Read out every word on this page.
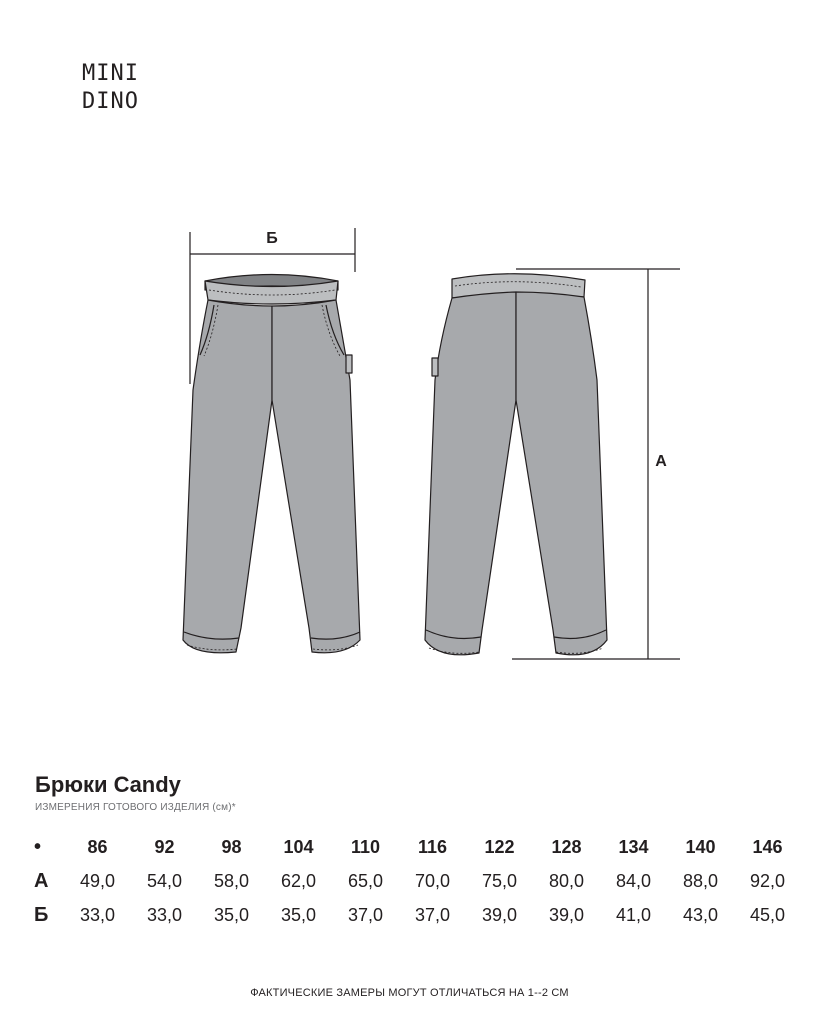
MINI
DINO
Б
А
Брюки Candy
ИЗМЕРЕНИЯ ГОТОВОГО ИЗДЕЛИЯ (см)*
•	86	92	98	104	110	116	122	128	134	140	146
А	49,0	54,0	58,0	62,0	65,0	70,0	75,0	80,0	84,0	88,0	92,0
Б	33,0	33,0	35,0	35,0	37,0	37,0	39,0	39,0	41,0	43,0	45,0
ФАКТИЧЕСКИЕ ЗАМЕРЫ МОГУТ ОТЛИЧАТЬСЯ НА 1--2 СМ
